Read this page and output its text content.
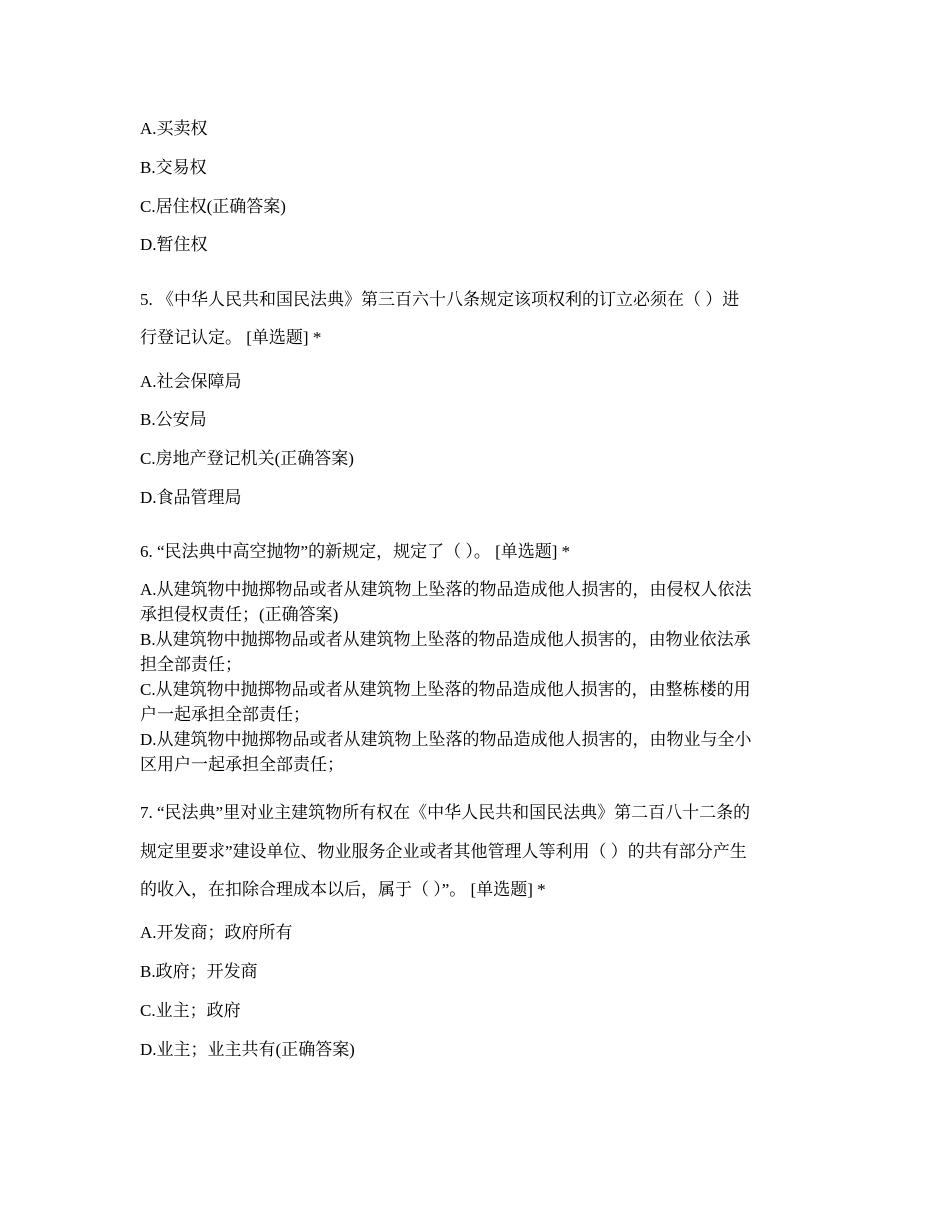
A.买卖权
B.交易权
C.居住权(正确答案)
D.暂住权
5. 《中华人民共和国民法典》第三百六十八条规定该项权利的订立必须在（ ）进
行登记认定。 [单选题] *
A.社会保障局
B.公安局
C.房地产登记机关(正确答案)
D.食品管理局
6. “民法典中高空抛物”的新规定，规定了（ ）。 [单选题] *
A.从建筑物中抛掷物品或者从建筑物上坠落的物品造成他人损害的，由侵权人依法
承担侵权责任；(正确答案)
B.从建筑物中抛掷物品或者从建筑物上坠落的物品造成他人损害的，由物业依法承
担全部责任；
C.从建筑物中抛掷物品或者从建筑物上坠落的物品造成他人损害的，由整栋楼的用
户一起承担全部责任；
D.从建筑物中抛掷物品或者从建筑物上坠落的物品造成他人损害的，由物业与全小
区用户一起承担全部责任；
7. “民法典”里对业主建筑物所有权在《中华人民共和国民法典》第二百八十二条的
规定里要求”建设单位、物业服务企业或者其他管理人等利用（ ）的共有部分产生
的收入，在扣除合理成本以后，属于（ ）”。 [单选题] *
A.开发商；政府所有
B.政府；开发商
C.业主；政府
D.业主；业主共有(正确答案)
